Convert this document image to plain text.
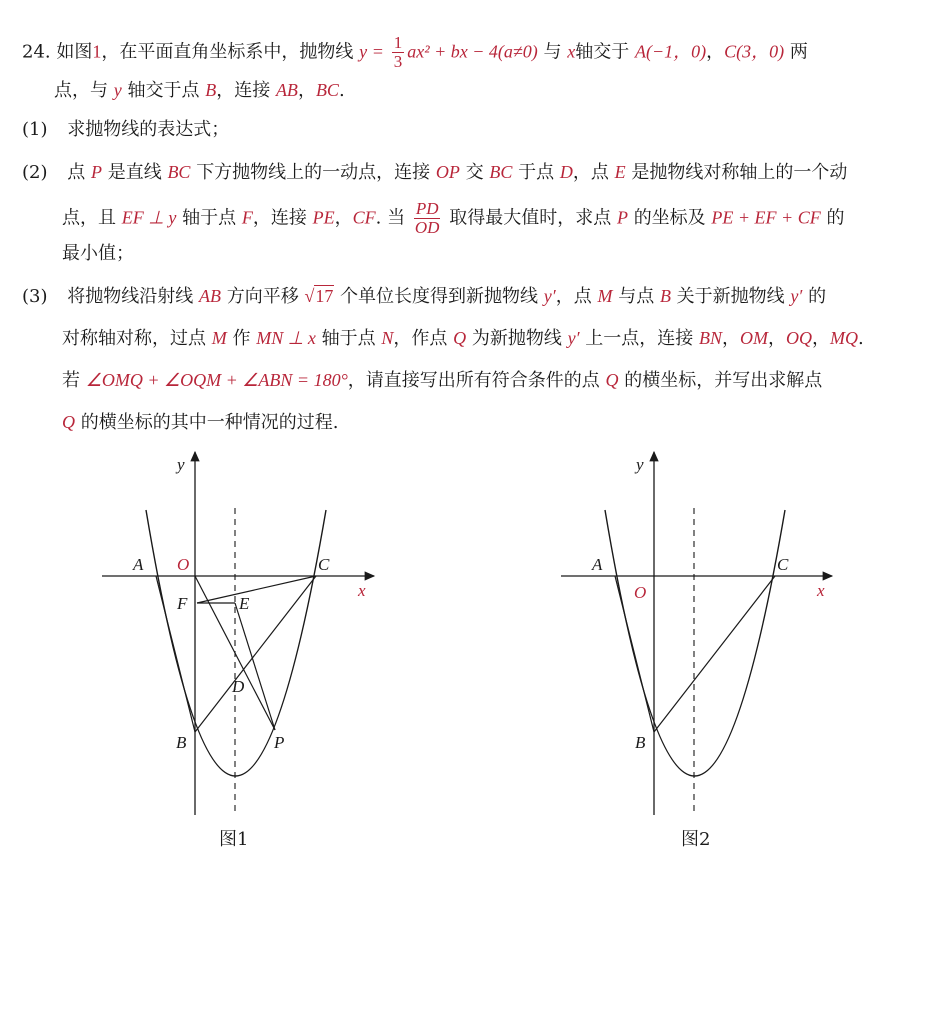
24. 如图1，在平面直角坐标系中，抛物线 $y = \frac{1}{3} ax^2$ + bx − 4(a≠0) 与 x轴交于 A(−1，0)，C(3，0) 两
点，与 y 轴交于点 B，连接 AB，BC.
(1) 求抛物线的表达式；
(2) 点 P 是直线 BC 下方抛物线上的一动点，连接 OP 交 BC 于点 D，点 E 是抛物线对称轴上的一个动
点，且 EF ⊥ y 轴于点 F，连接 PE，CF. 当 $\frac{PD}{OD}$ 取得最大值时，求点 P 的坐标及 PE + EF + CF 的
最小值；
(3) 将抛物线沿射线 AB 方向平移 √17 个单位长度得到新抛物线 y′，点 M 与点 B 关于新抛物线 y′ 的
对称轴对称，过点 M 作 MN ⊥ x 轴于点 N，作点 Q 为新抛物线 y′ 上一点，连接 BN，OM，OQ，MQ.
若 ∠OMQ + ∠OQM + ∠ABN = 180°，请直接写出所有符合条件的点 Q 的横坐标，并写出求解点
Q 的横坐标的其中一种情况的过程.
y
x
A O	C
F	E
D
B	P
图1
y
x
A
O
C
B
图2
